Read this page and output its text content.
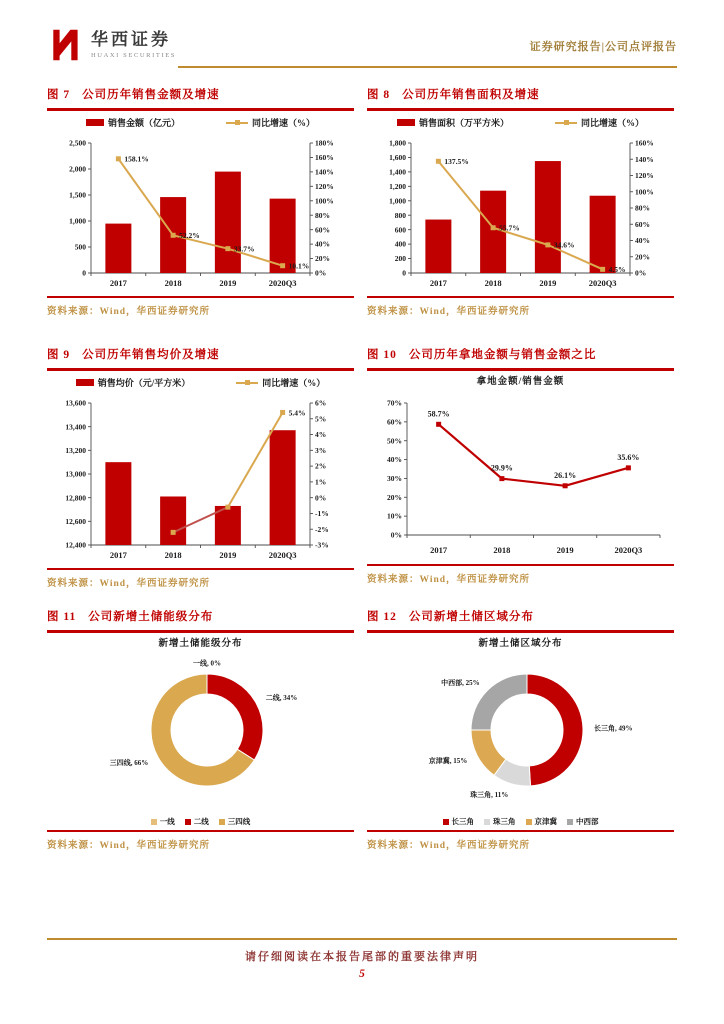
华西证券
HUAXI SECURITIES
证券研究报告|公司点评报告
图 7 公司历年销售金额及增速
销售金额（亿元）	同比增速（%）
0
500
1,000
1,500
2,000
2,500
0%
20%
40%
60%
80%
100%
120%
140%
160%
180%
158.1%
52.2%
33.7%
10.1%
2017	2018	2019	2020Q3
资料来源：Wind，华西证券研究所
图 8 公司历年销售面积及增速
销售面积（万平方米）	同比增速（%）
0
200
400
600
800
1,000
1,200
1,400
1,600
1,800
0%
20%
40%
60%
80%
100%
120%
140%
160%
137.5%
55.7%
34.6%
4.5%
2017	2018	2019	2020Q3
资料来源：Wind，华西证券研究所
图 9 公司历年销售均价及增速
销售均价（元/平方米）	同比增速（%）
12,400
12,600
12,800
13,000
13,200
13,400
13,600
-3%
-2%
-1%
0%
1%
2%
3%
4%
5%
6%
5.4%
2017	2018	2019	2020Q3
资料来源：Wind，华西证券研究所
图 10 公司历年拿地金额与销售金额之比
拿地金额/销售金额
0%
10%
20%
30%
40%
50%
60%
70%
58.7%
29.9%
26.1%
35.6%
2017	2018	2019	2020Q3
资料来源：Wind，华西证券研究所
图 11 公司新增土储能级分布
新增土储能级分布
一线, 0%
二线, 34%
三四线, 66%
一线	二线	三四线
资料来源：Wind，华西证券研究所
图 12 公司新增土储区域分布
新增土储区域分布
长三角, 49%
珠三角, 11%
京津冀, 15%
中西部, 25%
长三角	珠三角	京津冀	中西部
资料来源：Wind，华西证券研究所
请仔细阅读在本报告尾部的重要法律声明
5
